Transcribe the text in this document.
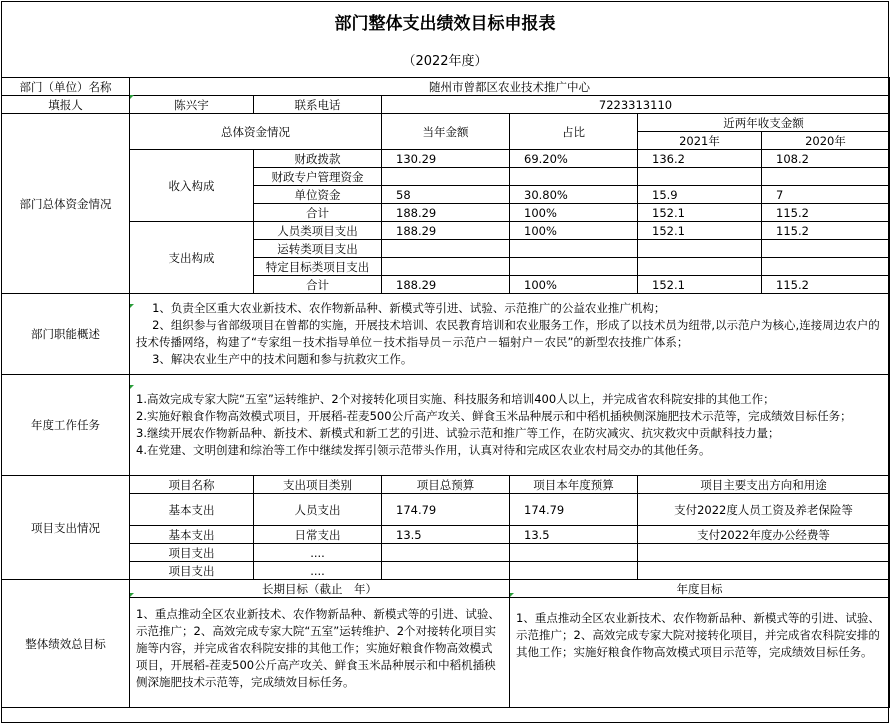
部门整体支出绩效目标申报表
（2022年度）
部门（单位）名称	随州市曾都区农业技术推广中心					
填报人	陈兴宇	联系电话	7223313110			
部门总体资金情况	总体资金情况		当年金额	占比	近两年收支金额	
					2021年	2020年
	收入构成	财政拨款	130.29	69.20%	136.2	108.2
		财政专户管理资金				
		单位资金	58	30.80%	15.9	7
		合计	188.29	100%	152.1	115.2
	支出构成	人员类项目支出	188.29	100%	152.1	115.2
		运转类项目支出				
		特定目标类项目支出				
		合计	188.29	100%	152.1	115.2
部门职能概述	1、负责全区重大农业新技术、农作物新品种、新模式等引进、试验、示范推广的公益农业推广机构；
2、组织参与省部级项目在曾都的实施，开展技术培训、农民教育培训和农业服务工作，形成了以技术员为纽带,以示范户为核心,连接周边农户的技术传播网络，构建了“专家组－技术指导单位－技术指导员－示范户－辐射户－农民”的新型农技推广体系；
3、解决农业生产中的技术问题和参与抗救灾工作。					

年度工作任务	1.高效完成专家大院“五室”运转维护、2个对接转化项目实施、科技服务和培训400人以上，并完成省农科院安排的其他工作；
2.实施好粮食作物高效模式项目，开展稻-茬麦500公斤高产攻关、鲜食玉米品种展示和中稻机插秧侧深施肥技术示范等，完成绩效目标任务；
3.继续开展农作物新品种、新技术、新模式和新工艺的引进、试验示范和推广等工作，在防灾减灾、抗灾救灾中贡献科技力量；
4.在党建、文明创建和综治等工作中继续发挥引领示范带头作用，认真对待和完成区农业农村局交办的其他任务。					

项目支出情况	项目名称	支出项目类别	项目总预算	项目本年度预算	项目主要支出方向和用途	
	基本支出	人员支出	174.79	174.79	支付2022度人员工资及养老保险等	
	基本支出	日常支出	13.5	13.5	支付2022年度办公经费等	
	项目支出	....				
	项目支出	....				
整体绩效总目标	长期目标（截止　年）			年度目标		
	1、重点推动全区农业新技术、农作物新品种、新模式等的引进、试验、示范推广；2、高效完成专家大院“五室”运转维护、2个对接转化项目实施等内容，并完成省农科院安排的其他工作；实施好粮食作物高效模式项目，开展稻-茬麦500公斤高产攻关、鲜食玉米品种展示和中稻机插秧侧深施肥技术示范等，完成绩效目标任务。			1、重点推动全区农业新技术、农作物新品种、新模式等的引进、试验、示范推广；2、高效完成专家大院对接转化项目，并完成省农科院安排的其他工作；实施好粮食作物高效模式项目示范等，完成绩效目标任务。		
